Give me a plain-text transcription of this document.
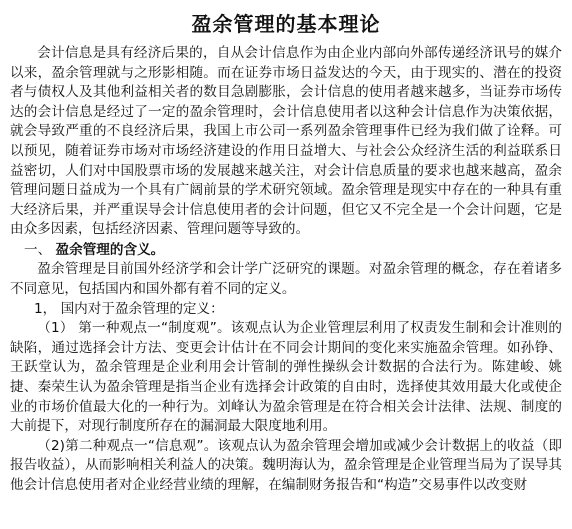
盈余管理的基本理论

会计信息是具有经济后果的，自从会计信息作为由企业内部向外部传递经济讯号的媒介以来，盈余管理就与之形影相随。而在证券市场日益发达的今天，由于现实的、潜在的投资者与债权人及其他利益相关者的数目急剧膨胀，会计信息的使用者越来越多，当证券市场传达的会计信息是经过了一定的盈余管理时，会计信息使用者以这种会计信息作为决策依据，就会导致严重的不良经济后果，我国上市公司一系列盈余管理事件已经为我们做了诠释。可以预见，随着证券市场对市场经济建设的作用日益增大、与社会公众经济生活的利益联系日益密切，人们对中国股票市场的发展越来越关注，对会计信息质量的要求也越来越高，盈余管理问题日益成为一个具有广阔前景的学术研究领域。盈余管理是现实中存在的一种具有重大经济后果，并严重误导会计信息使用者的会计问题，但它又不完全是一个会计问题，它是由众多因素，包括经济因素、管理问题等导致的。

一、 盈余管理的含义。

盈余管理是目前国外经济学和会计学广泛研究的课题。对盈余管理的概念，存在着诸多不同意见，包括国内和国外都有着不同的定义。

1， 国内对于盈余管理的定义：

（1） 第一种观点一“制度观”。该观点认为企业管理层利用了权责发生制和会计准则的缺陷，通过选择会计方法、变更会计估计在不同会计期间的变化来实施盈余管理。如孙铮、王跃堂认为，盈余管理是企业利用会计管制的弹性操纵会计数据的合法行为。陈建峻、姚捷、秦荣生认为盈余管理是指当企业有选择会计政策的自由时，选择使其效用最大化或使企业的市场价值最大化的一种行为。刘峰认为盈余管理是在符合相关会计法律、法规、制度的大前提下，对现行制度所存在的漏洞最大限度地利用。

（2)第二种观点一“信息观”。该观点认为盈余管理会增加或减少会计数据上的收益（即报告收益），从而影响相关利益人的决策。魏明海认为，盈余管理是企业管理当局为了误导其他会计信息使用者对企业经营业绩的理解，在编制财务报告和“构造”交易事件以改变财
